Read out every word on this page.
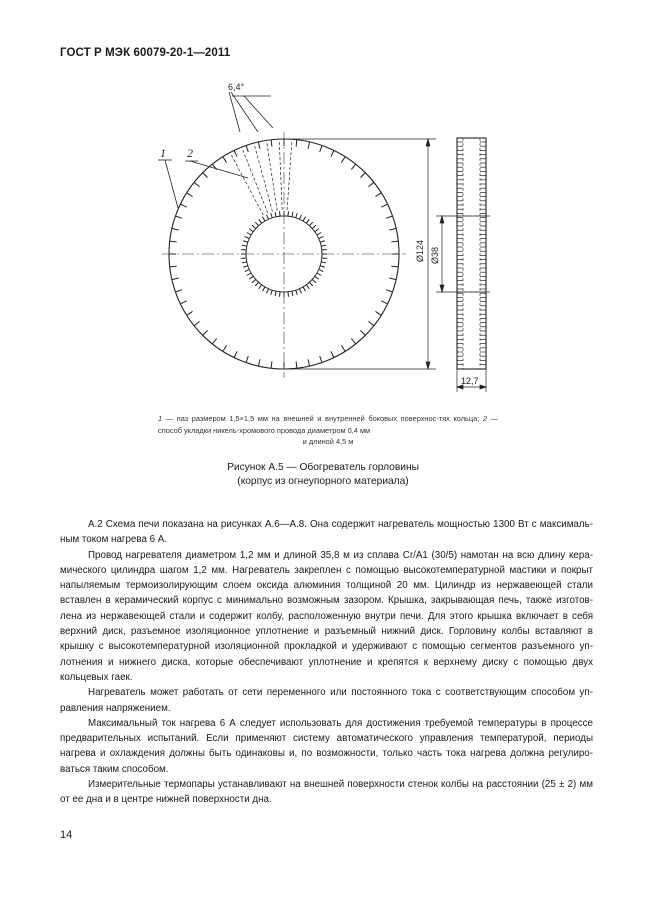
ГОСТ Р МЭК 60079-20-1—2011
6,4°
1 2
Ø124 Ø38
12,7
1 — паз размером 1,5×1,5 мм на внешней и внутренней боковых поверхнос-тях кольца; 2 — способ укладки никель-хромового провода диаметром 0,4 мм
и длиной 4,5 м
Рисунок А.5 — Обогреватель горловины
(корпус из огнеупорного материала)

А.2 Схема печи показана на рисунках А.6—А.8. Она содержит нагреватель мощностью 1300 Вт с максималь-ным током нагрева 6 А.

Провод нагревателя диаметром 1,2 мм и длиной 35,8 м из сплава Cr/A1 (30/5) намотан на всю длину кера-мического цилиндра шагом 1,2 мм. Нагреватель закреплен с помощью высокотемпературной мастики и покрыт напыляемым термоизолирующим слоем оксида алюминия толщиной 20 мм. Цилиндр из нержавеющей стали вставлен в керамический корпус с минимально возможным зазором. Крышка, закрывающая печь, также изготов-лена из нержавеющей стали и содержит колбу, расположенную внутри печи. Для этого крышка включает в себя верхний диск, разъемное изоляционное уплотнение и разъемный нижний диск. Горловину колбы вставляют в крышку с высокотемпературной изоляционной прокладкой и удерживают с помощью сегментов разъемного уп-лотнения и нижнего диска, которые обеспечивают уплотнение и крепятся к верхнему диску с помощью двух кольцевых гаек.

Нагреватель может работать от сети переменного или постоянного тока с соответствующим способом уп-равления напряжением.

Максимальный ток нагрева 6 А следует использовать для достижения требуемой температуры в процессе предварительных испытаний. Если применяют систему автоматического управления температурой, периоды нагрева и охлаждения должны быть одинаковы и, по возможности, только часть тока нагрева должна регулиро-ваться таким способом.

Измерительные термопары устанавливают на внешней поверхности стенок колбы на расстоянии (25 ± 2) мм от ее дна и в центре нижней поверхности дна.

14
